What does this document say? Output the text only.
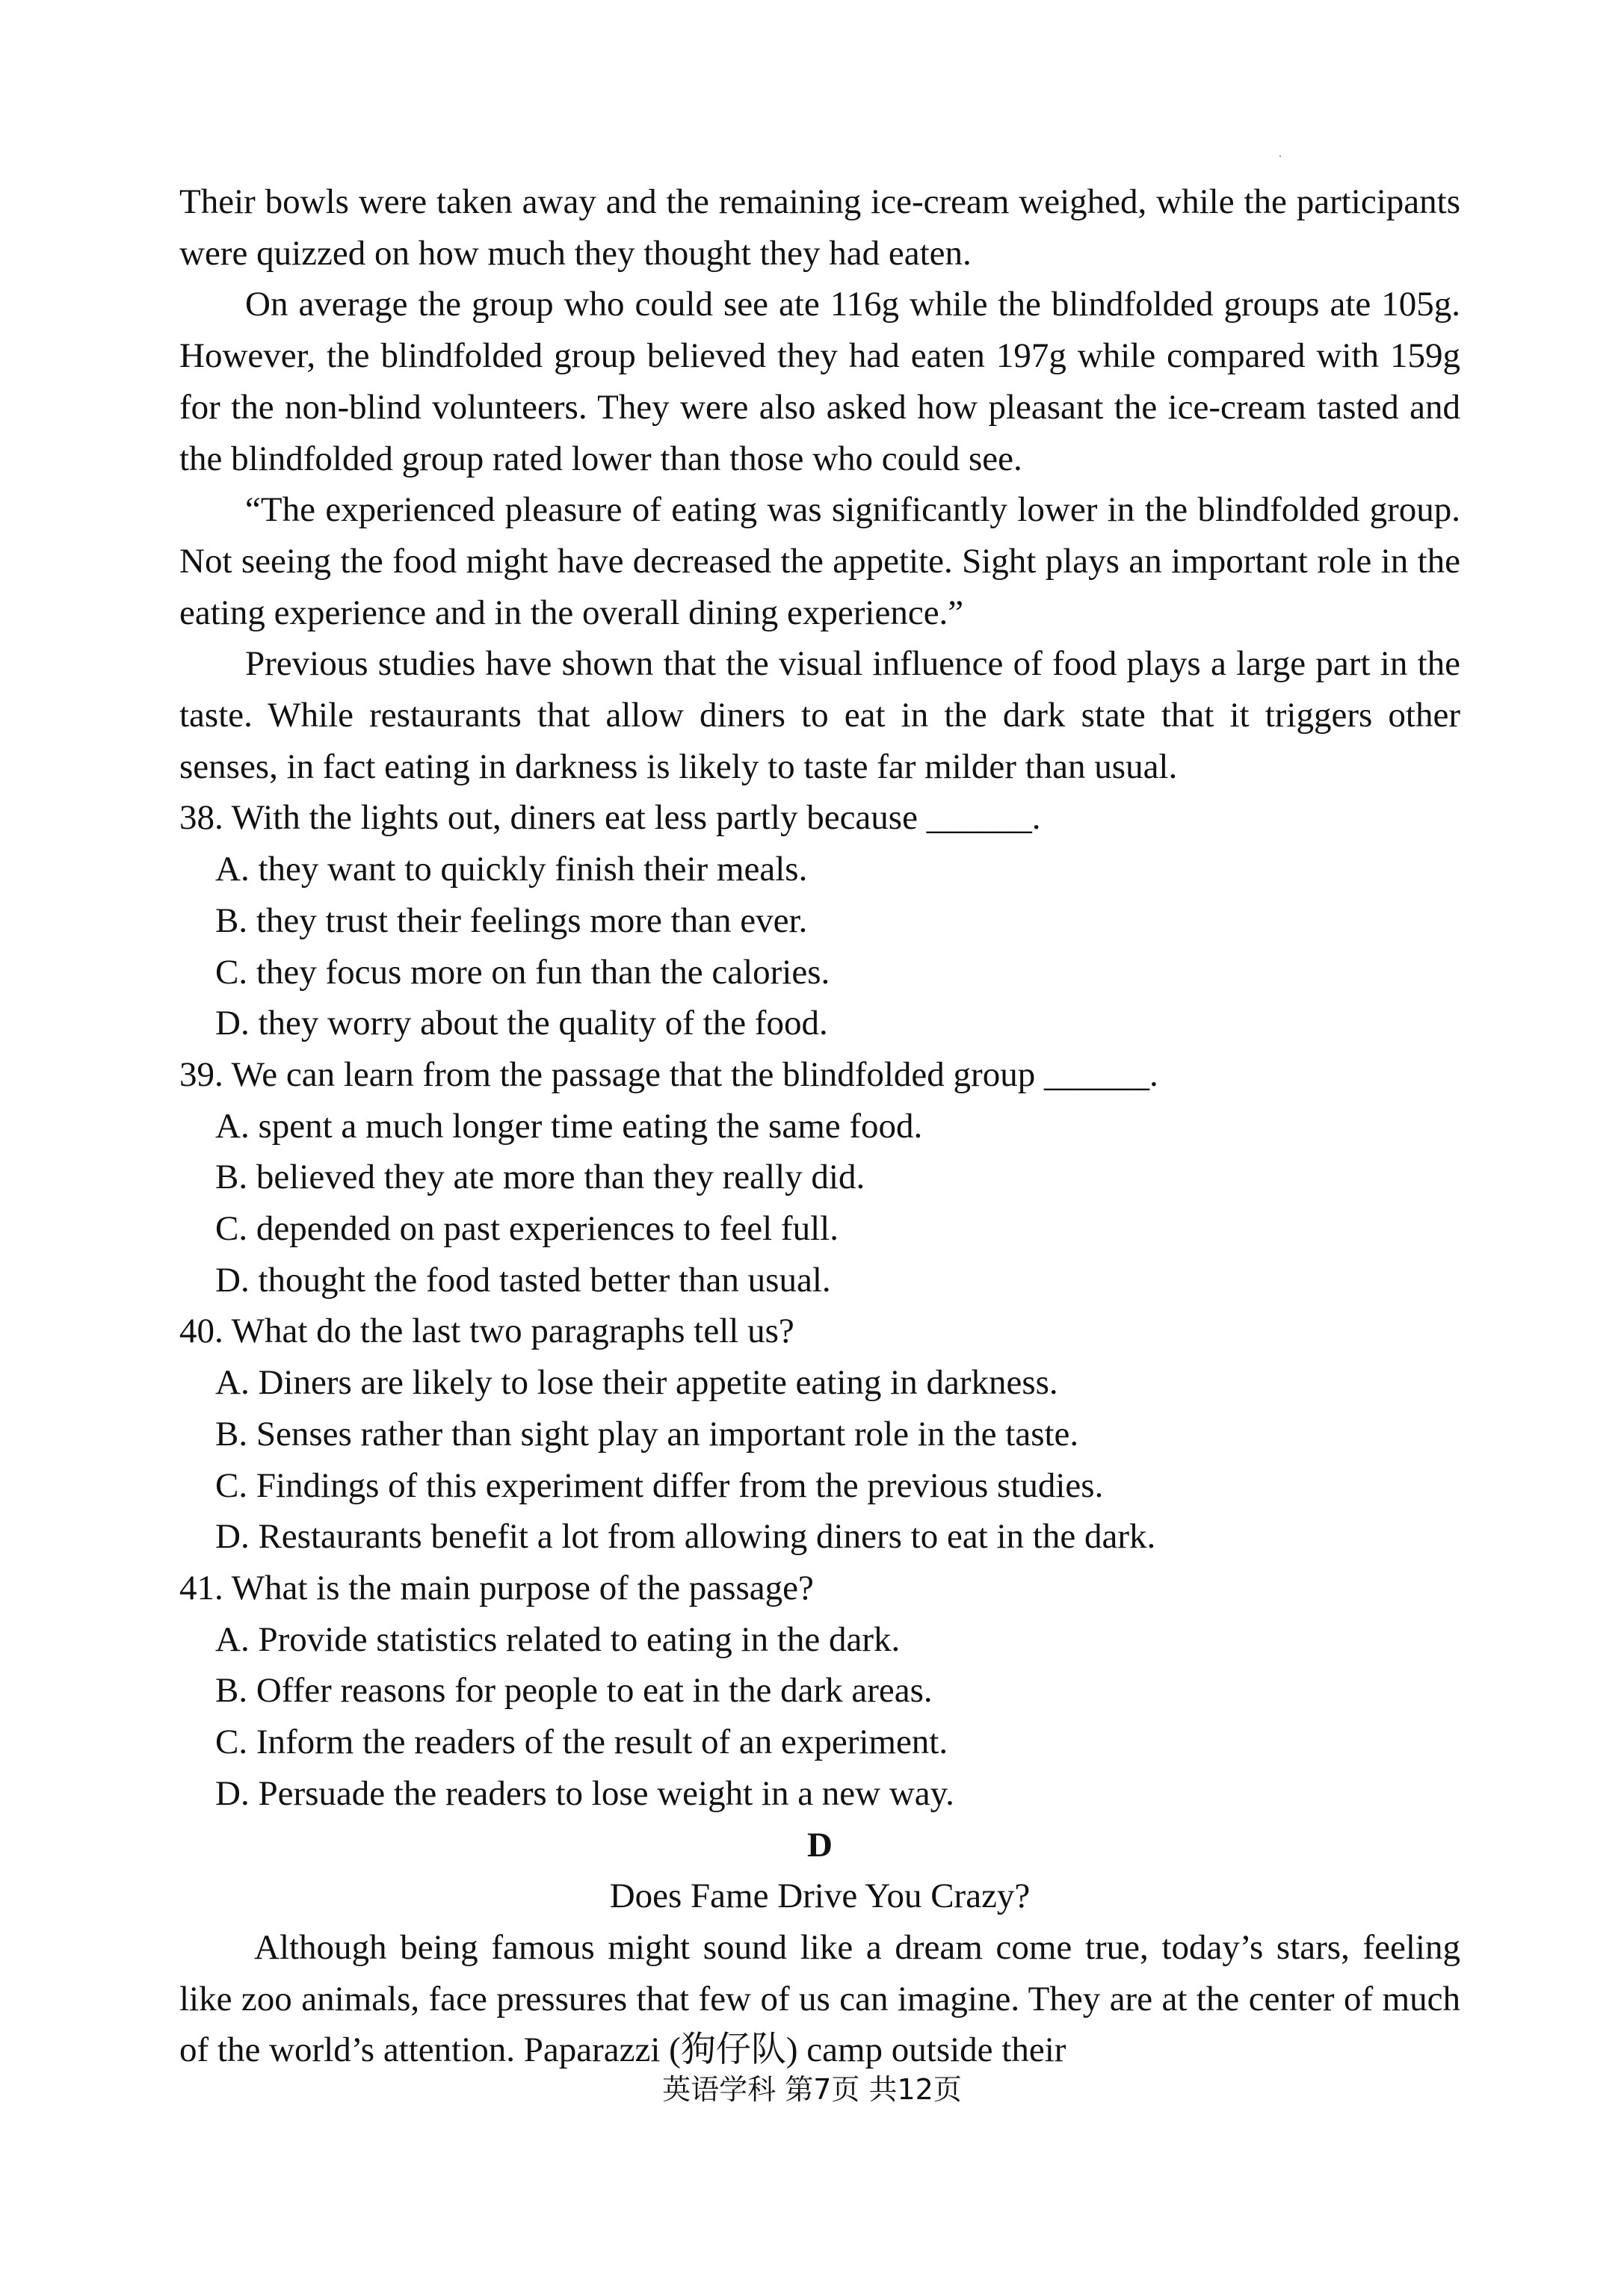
Their bowls were taken away and the remaining ice-cream weighed, while the participants were quizzed on how much they thought they had eaten.

On average the group who could see ate 116g while the blindfolded groups ate 105g. However, the blindfolded group believed they had eaten 197g while compared with 159g for the non-blind volunteers. They were also asked how pleasant the ice-cream tasted and the blindfolded group rated lower than those who could see.

“The experienced pleasure of eating was significantly lower in the blindfolded group. Not seeing the food might have decreased the appetite. Sight plays an important role in the eating experience and in the overall dining experience.”

Previous studies have shown that the visual influence of food plays a large part in the taste. While restaurants that allow diners to eat in the dark state that it triggers other senses, in fact eating in darkness is likely to taste far milder than usual.

38. With the lights out, diners eat less partly because ______.

A. they want to quickly finish their meals.

B. they trust their feelings more than ever.

C. they focus more on fun than the calories.

D. they worry about the quality of the food.

39. We can learn from the passage that the blindfolded group ______.

A. spent a much longer time eating the same food.

B. believed they ate more than they really did.

C. depended on past experiences to feel full.

D. thought the food tasted better than usual.

40. What do the last two paragraphs tell us?

A. Diners are likely to lose their appetite eating in darkness.

B. Senses rather than sight play an important role in the taste.

C. Findings of this experiment differ from the previous studies.

D. Restaurants benefit a lot from allowing diners to eat in the dark.

41. What is the main purpose of the passage?

A. Provide statistics related to eating in the dark.

B. Offer reasons for people to eat in the dark areas.

C. Inform the readers of the result of an experiment.

D. Persuade the readers to lose weight in a new way.

D

Does Fame Drive You Crazy?

Although being famous might sound like a dream come true, today’s stars, feeling like zoo animals, face pressures that few of us can imagine. They are at the center of much of the world’s attention. Paparazzi (狗仔队) camp outside their

英语学科 第7页 共12页
